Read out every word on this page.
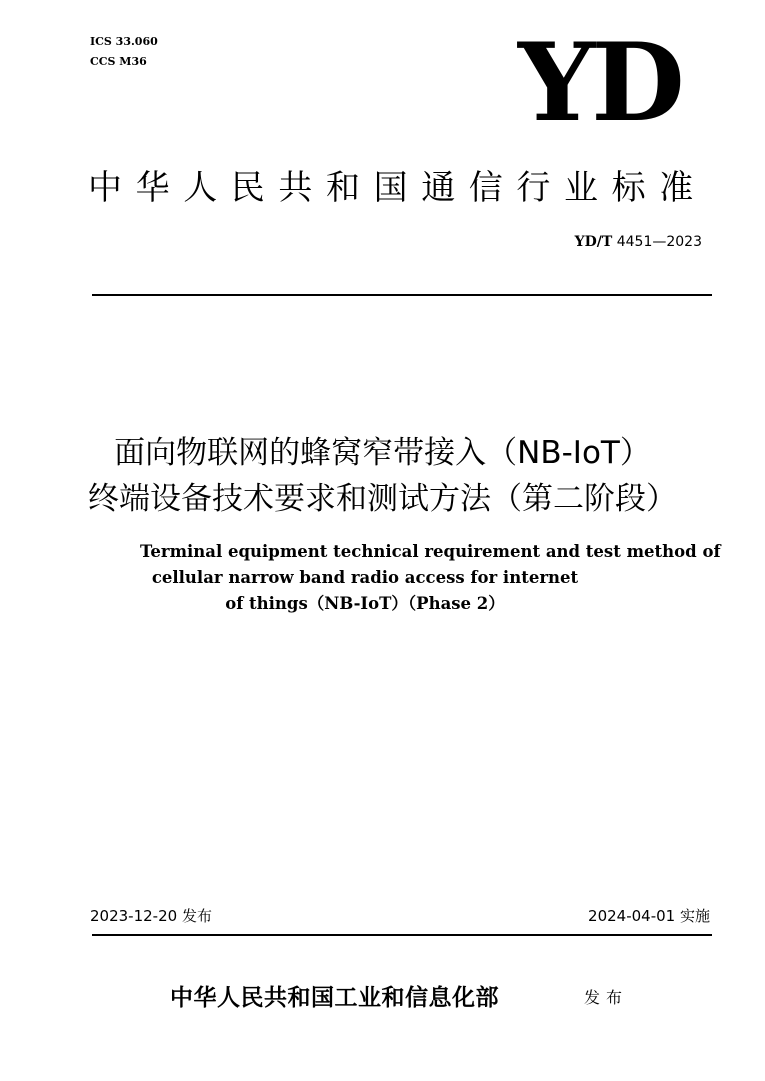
ICS 33.060
CCS M36	YD
中华人民共和国通信行业标准
YD/T 4451—2023
面向物联网的蜂窝窄带接入（NB-IoT）
终端设备技术要求和测试方法（第二阶段）
Terminal equipment technical requirement and test method of
cellular narrow band radio access for internet
of things（NB-IoT）（Phase 2）
2023-12-20 发布	2024-04-01 实施
中华人民共和国工业和信息化部	发布
